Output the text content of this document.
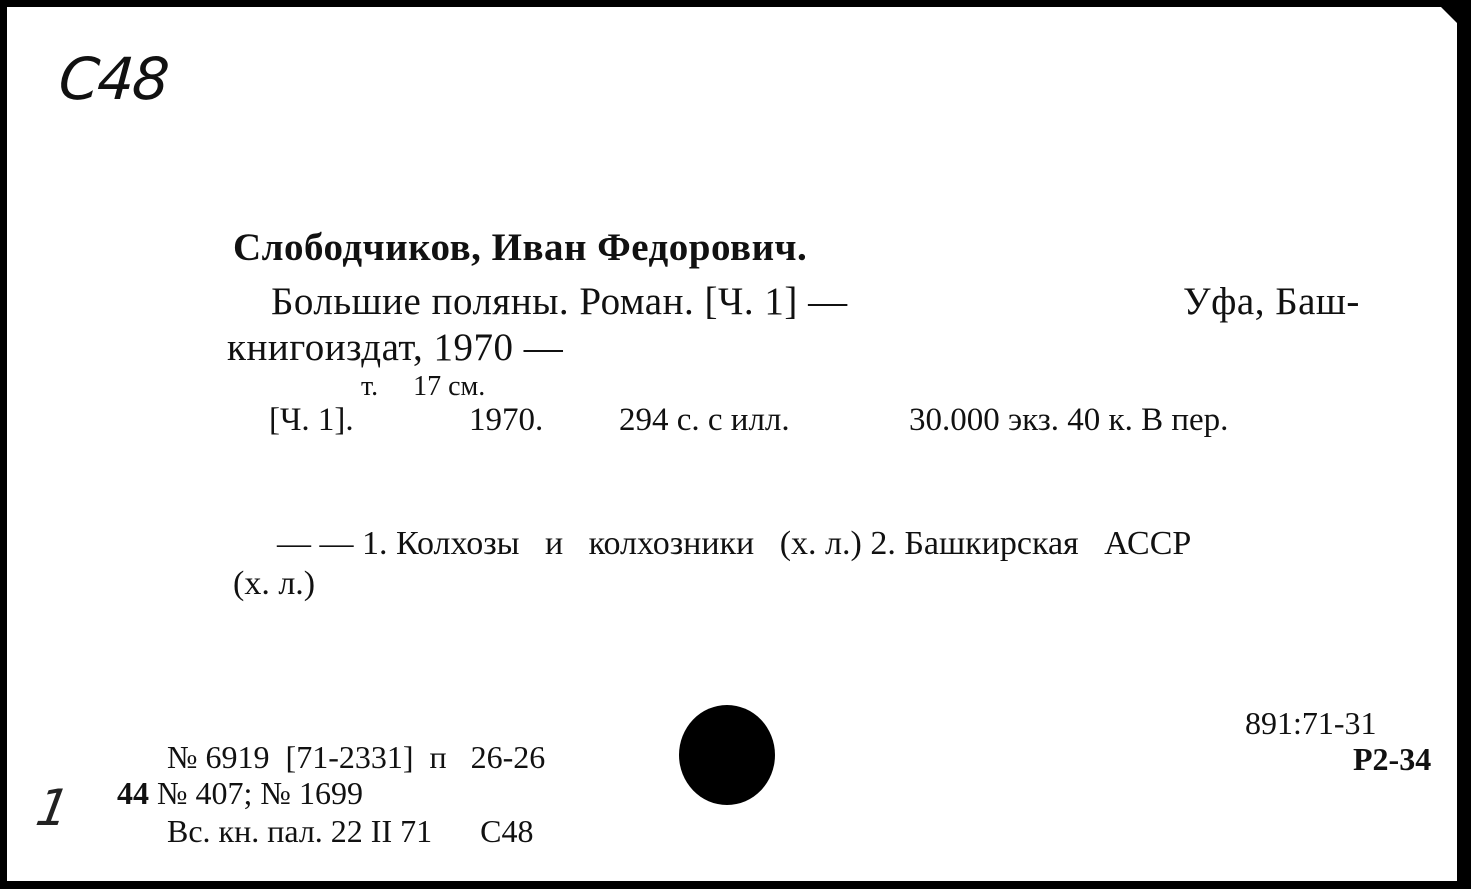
С48
Слободчиков, Иван Федорович.
Большие поляны. Роман. [Ч. 1] —	Уфа, Баш-
книгоиздат, 1970 —
т.     17 см.
[Ч. 1].	1970. 294 с. с илл.	30.000 экз. 40 к. В пер.
— — 1. Колхозы   и   колхозники   (х. л.) 2. Башкирская   АССР
(х. л.)
891:71-31
Р2-34
1
№ 6919  [71-2331]  п   26-26
44 № 407; № 1699
Вс. кн. пал. 22 II 71      С48
